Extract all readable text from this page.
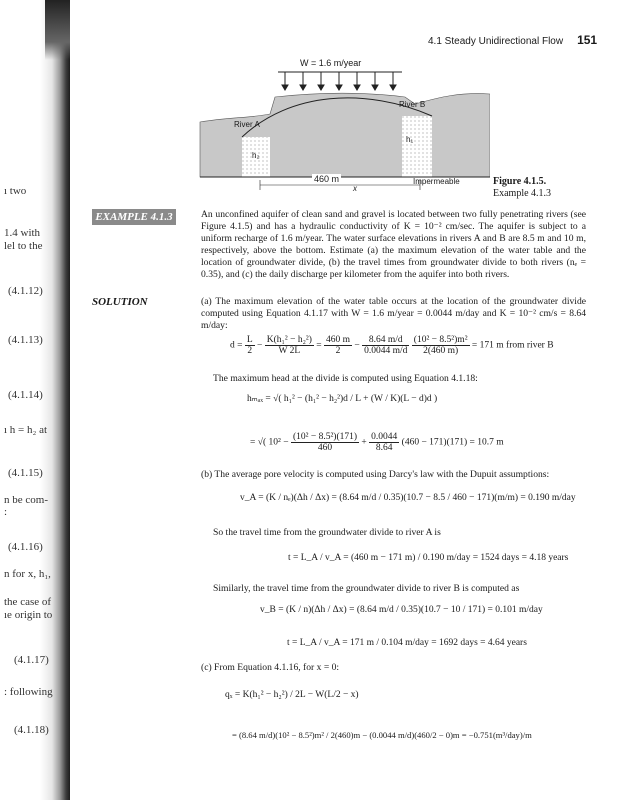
ı two
1.4 with
lel to the
(4.1.12)
(4.1.13)
(4.1.14)
ı h = h₂ at
(4.1.15)
n be com-
:
(4.1.16)
n for x, h₁,
the case of
ıe origin to
(4.1.17)
: following
(4.1.18)
4.1 Steady Unidirectional Flow 151
W = 1.6 m/year
River A
River B
h₂
h₁
460 m
x
Impermeable	Figure 4.1.5.
Example 4.1.3
EXAMPLE 4.1.3	An unconfined aquifer of clean sand and gravel is located between two fully penetrating rivers (see Figure 4.1.5) and has a hydraulic conductivity of K = 10⁻² cm/sec. The aquifer is subject to a uniform recharge of 1.6 m/year. The water surface elevations in rivers A and B are 8.5 m and 10 m, respectively, above the bottom. Estimate (a) the maximum elevation of the water table and the location of groundwater divide, (b) the travel times from groundwater divide to both rivers (nₑ = 0.35), and (c) the daily discharge per kilometer from the aquifer into both rivers.
SOLUTION	(a) The maximum elevation of the water table occurs at the location of the groundwater divide computed using Equation 4.1.17 with W = 1.6 m/year = 0.0044 m/day and K = 10⁻² cm/s = 8.64 m/day:
$d = \frac{L}{2} - \frac{\text{K(h₁² − h₂²)}}{W 2L} = \frac{460 m}{2} - \frac{8.64 m/d}{0.0044 m/d}$
$\frac{\text{(10² − 8.5²)m²}}{2(460 m)} = 171$ m from river B
The maximum head at the divide is computed using Equation 4.1.18:
hₘₐₓ = √( h₁² − (h₁² − h₂²)d / L + (W / K)(L − d)d )
= √( $10^2 - \frac{\text{(10² − 8.5²)(171)}}{460} + \frac{0.0044}{8.64} (460 - 171)(171) = 10.7$ m
(b) The average pore velocity is computed using Darcy's law with the Dupuit assumptions:
v_A = (K / nₑ)(Δh / Δx) = (8.64 m/d / 0.35)(10.7 − 8.5 / 460 − 171)(m/m) = 0.190 m/day
So the travel time from the groundwater divide to river A is
t = L_A / v_A = (460 m − 171 m) / 0.190 m/day = 1524 days = 4.18 years
Similarly, the travel time from the groundwater divide to river B is computed as
v_B = (K / n)(Δh / Δx) = (8.64 m/d / 0.35)(10.7 − 10 / 171) = 0.101 m/day
t = L_A / v_A = 171 m / 0.104 m/day = 1692 days = 4.64 years
(c) From Equation 4.1.16, for x = 0:
qₓ = K(h₁² − h₂²) / 2L − W(L/2 − x)
= (8.64 m/d)(10² − 8.5²)m² / 2(460)m − (0.0044 m/d)(460/2 − 0)m = −0.751(m³/day)/m
